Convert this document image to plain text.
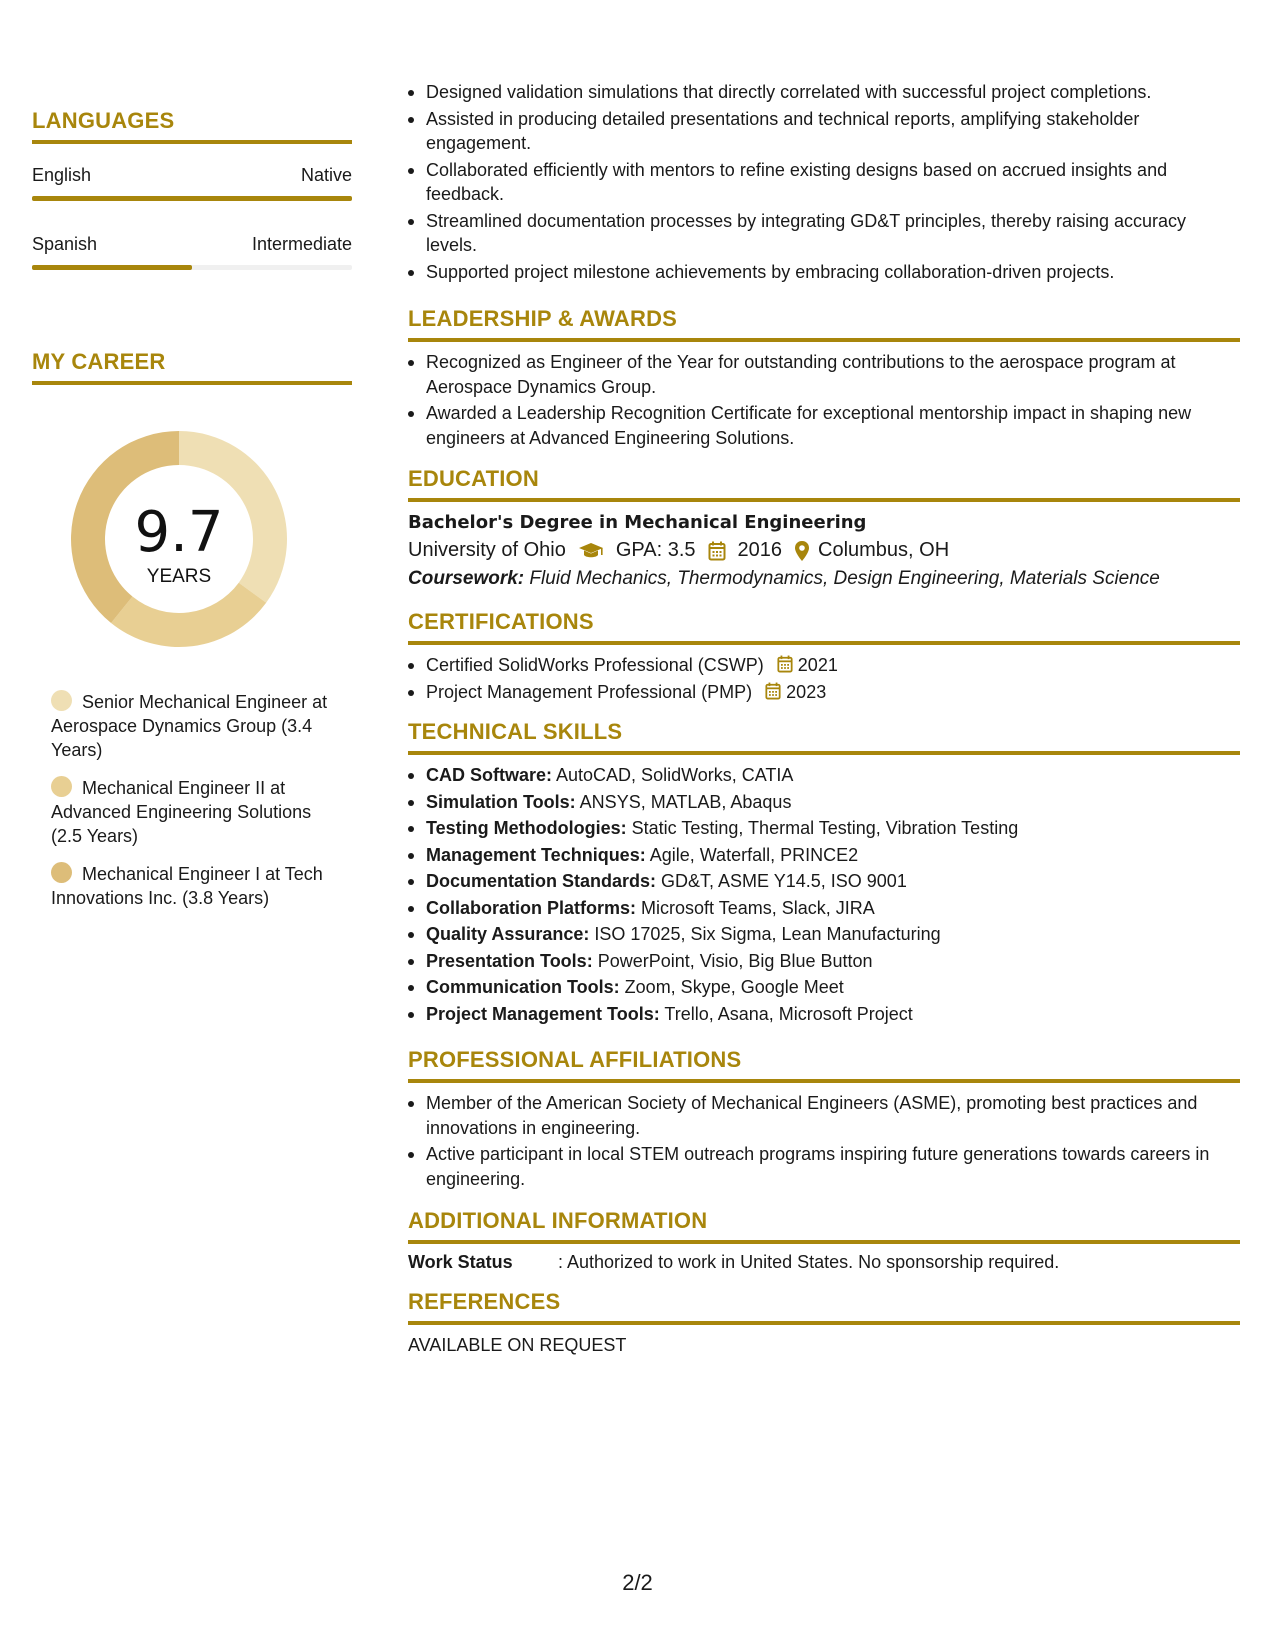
LANGUAGES
English	Native
Spanish	Intermediate
MY CAREER
9.7
YEARS
Senior Mechanical Engineer at Aerospace Dynamics Group (3.4 Years)
Mechanical Engineer II at Advanced Engineering Solutions (2.5 Years)
Mechanical Engineer I at Tech Innovations Inc. (3.8 Years)
Designed validation simulations that directly correlated with successful project completions.
Assisted in producing detailed presentations and technical reports, amplifying stakeholder engagement.
Collaborated efficiently with mentors to refine existing designs based on accrued insights and feedback.
Streamlined documentation processes by integrating GD&T principles, thereby raising accuracy levels.
Supported project milestone achievements by embracing collaboration-driven projects.
LEADERSHIP & AWARDS
Recognized as Engineer of the Year for outstanding contributions to the aerospace program at Aerospace Dynamics Group.
Awarded a Leadership Recognition Certificate for exceptional mentorship impact in shaping new engineers at Advanced Engineering Solutions.
EDUCATION
Bachelor's Degree in Mechanical Engineering
University of Ohio	GPA: 3.5 2016 Columbus, OH
Coursework: Fluid Mechanics, Thermodynamics, Design Engineering, Materials Science
CERTIFICATIONS
Certified SolidWorks Professional (CSWP) 2021
Project Management Professional (PMP) 2023
TECHNICAL SKILLS
CAD Software: AutoCAD, SolidWorks, CATIA
Simulation Tools: ANSYS, MATLAB, Abaqus
Testing Methodologies: Static Testing, Thermal Testing, Vibration Testing
Management Techniques: Agile, Waterfall, PRINCE2
Documentation Standards: GD&T, ASME Y14.5, ISO 9001
Collaboration Platforms: Microsoft Teams, Slack, JIRA
Quality Assurance: ISO 17025, Six Sigma, Lean Manufacturing
Presentation Tools: PowerPoint, Visio, Big Blue Button
Communication Tools: Zoom, Skype, Google Meet
Project Management Tools: Trello, Asana, Microsoft Project
PROFESSIONAL AFFILIATIONS
Member of the American Society of Mechanical Engineers (ASME), promoting best practices and innovations in engineering.
Active participant in local STEM outreach programs inspiring future generations towards careers in engineering.
ADDITIONAL INFORMATION
Work Status	: Authorized to work in United States. No sponsorship required.
REFERENCES
AVAILABLE ON REQUEST
2/2
